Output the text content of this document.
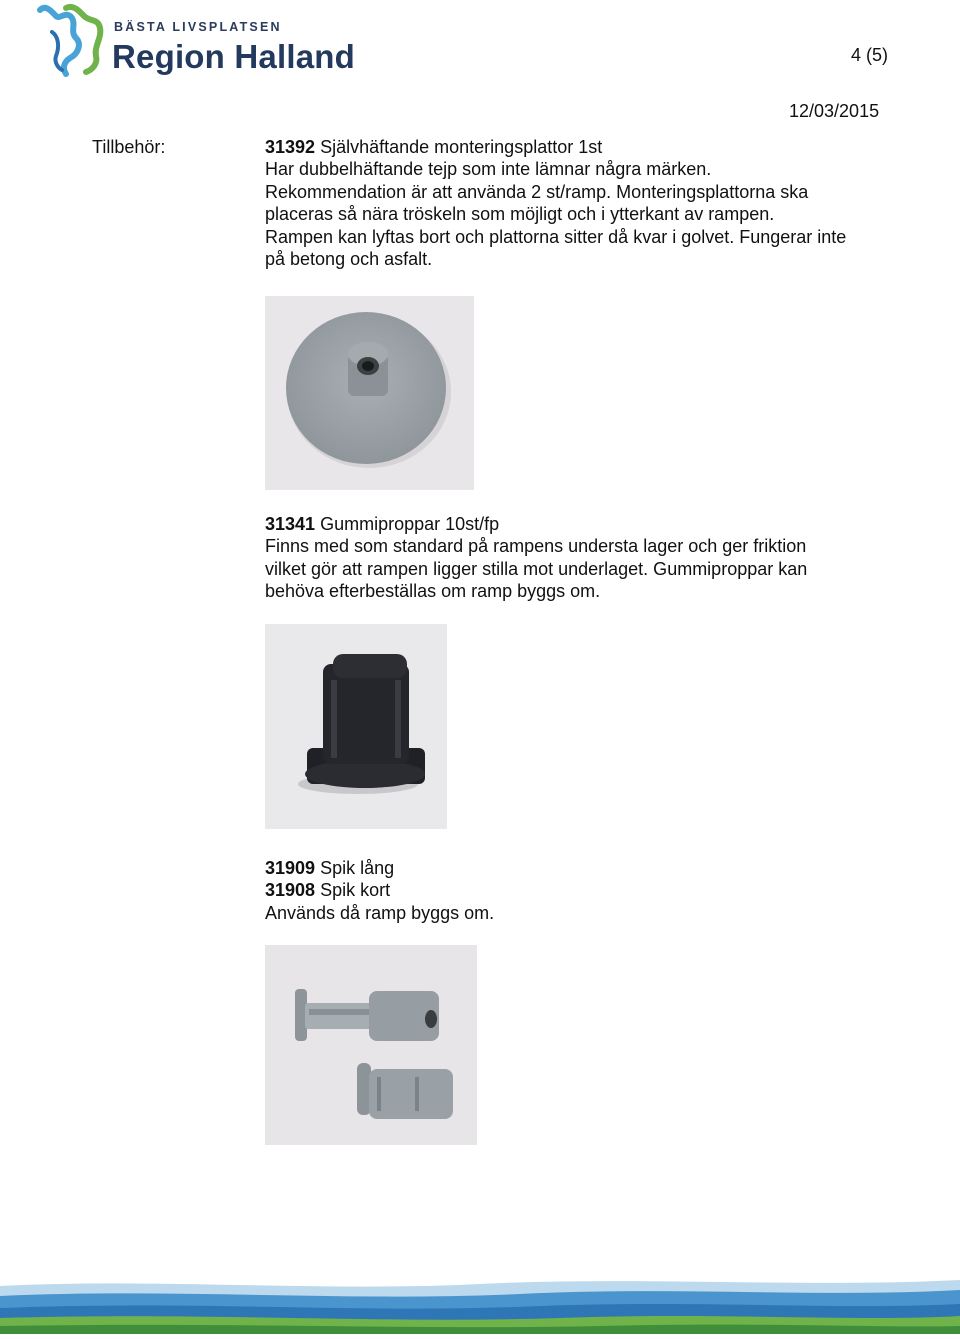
BÄSTA LIVSPLATSEN
Region Halland	4 (5)
12/03/2015
Tillbehör:	31392 Självhäftande monteringsplattor 1st

Har dubbelhäftande tejp som inte lämnar några märken.

Rekommendation är att använda 2 st/ramp. Monteringsplattorna ska

placeras så nära tröskeln som möjligt och i ytterkant av rampen.

Rampen kan lyftas bort och plattorna sitter då kvar i golvet. Fungerar inte

på betong och asfalt.

31341 Gummiproppar 10st/fp

Finns med som standard på rampens understa lager och ger friktion

vilket gör att rampen ligger stilla mot underlaget. Gummiproppar kan

behöva efterbeställas om ramp byggs om.

31909 Spik lång

31908 Spik kort

Används då ramp byggs om.
